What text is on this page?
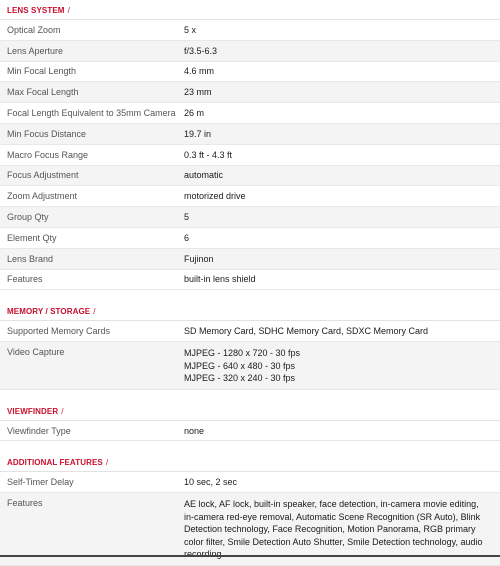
LENS SYSTEM /
Optical Zoom	5 x
Lens Aperture	f/3.5-6.3
Min Focal Length	4.6 mm
Max Focal Length	23 mm
Focal Length Equivalent to 35mm Camera 26 m
Min Focus Distance	19.7 in
Macro Focus Range	0.3 ft - 4.3 ft
Focus Adjustment	automatic
Zoom Adjustment	motorized drive
Group Qty	5
Element Qty	6
Lens Brand	Fujinon
Features	built-in lens shield
MEMORY / STORAGE /
Supported Memory Cards	SD Memory Card, SDHC Memory Card, SDXC Memory Card
Video Capture	MJPEG - 1280 x 720 - 30 fps
MJPEG - 640 x 480 - 30 fps
MJPEG - 320 x 240 - 30 fps
VIEWFINDER /
Viewfinder Type	none
ADDITIONAL FEATURES /
Self-Timer Delay	10 sec, 2 sec
Features	AE lock, AF lock, built-in speaker, face detection, in-camera movie editing, in-camera red-eye removal, Automatic Scene Recognition (SR Auto), Blink Detection technology, Face Recognition, Motion Panorama, RGB primary color filter, Smile Detection Auto Shutter, Smile Detection technology, audio
